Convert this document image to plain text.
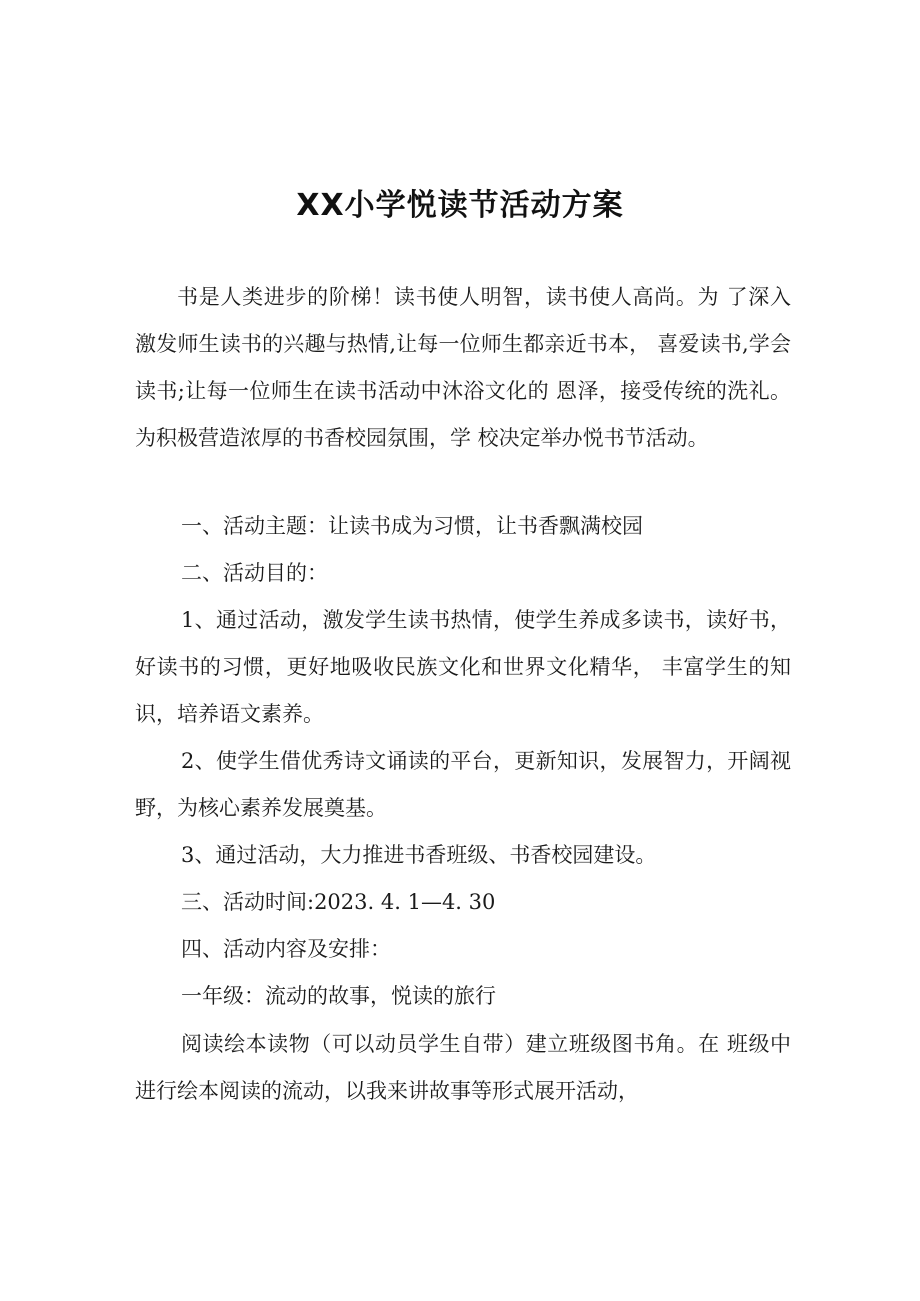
XX小学悦读节活动方案
书是人类进步的阶梯！读书使人明智，读书使人高尚。为 了深入激发师生读书的兴趣与热情,让每一位师生都亲近书本， 喜爱读书,学会读书;让每一位师生在读书活动中沐浴文化的 恩泽，接受传统的洗礼。为积极营造浓厚的书香校园氛围，学 校决定举办悦书节活动。
一、活动主题：让读书成为习惯，让书香飘满校园
二、活动目的：
1、通过活动，激发学生读书热情，使学生养成多读书，读好书，好读书的习惯，更好地吸收民族文化和世界文化精华， 丰富学生的知识，培养语文素养。
2、使学生借优秀诗文诵读的平台，更新知识，发展智力，开阔视野，为核心素养发展奠基。
3、通过活动，大力推进书香班级、书香校园建设。
三、活动时间:2023. 4. 1—4. 30
四、活动内容及安排：
一年级：流动的故事，悦读的旅行
阅读绘本读物（可以动员学生自带）建立班级图书角。在 班级中进行绘本阅读的流动，以我来讲故事等形式展开活动，
